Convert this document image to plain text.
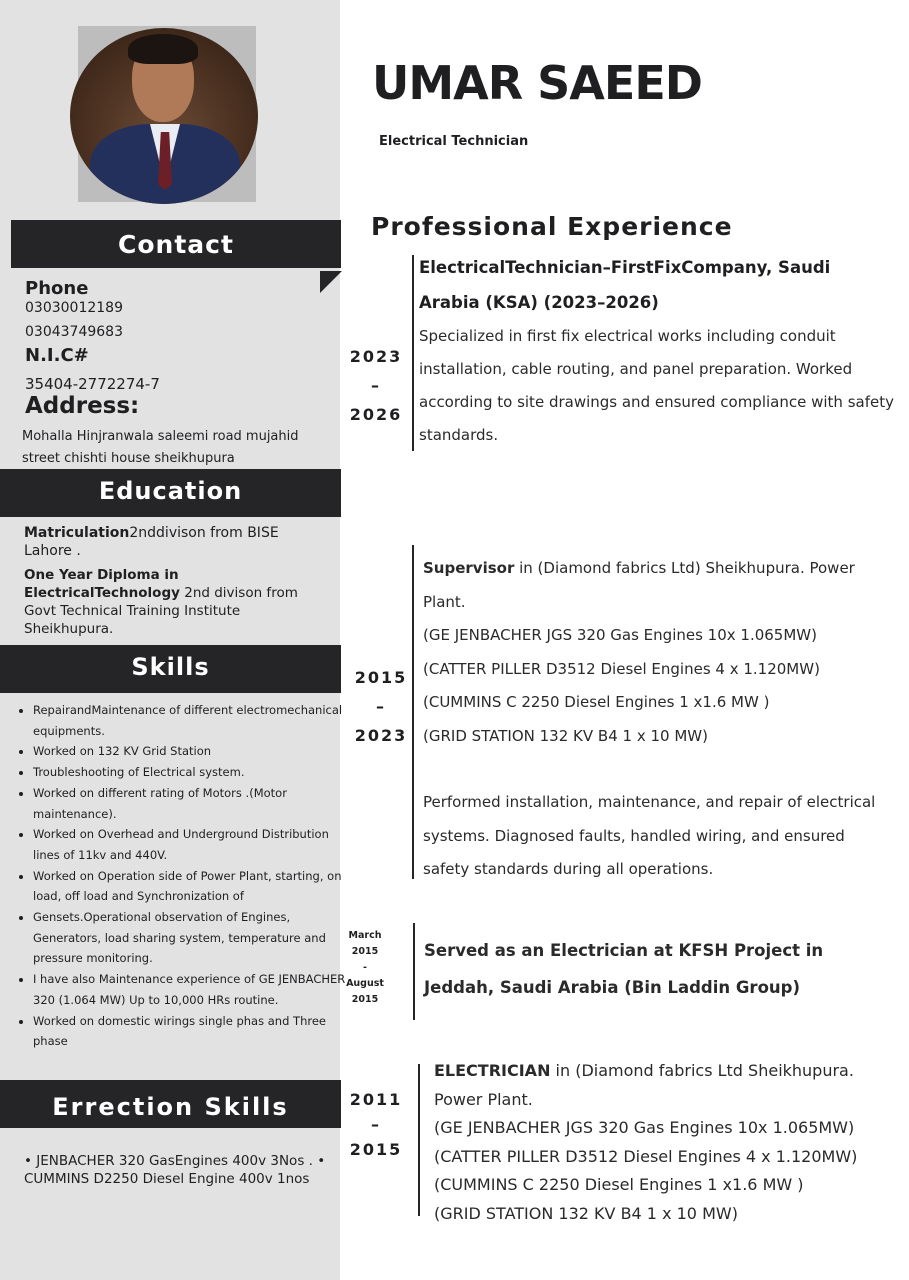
Contact
Phone
03030012189
03043749683
N.I.C#
35404-2772274-7
Address:
Mohalla Hinjranwala saleemi road mujahid street chishti house sheikhupura
Education
Matriculation2nddivison from BISE Lahore .
One Year Diploma in ElectricalTechnology 2nd divison from Govt Technical Training Institute Sheikhupura.
Skills
• RepairandMaintenance of different electromechanical equipments.
• Worked on 132 KV Grid Station
• Troubleshooting of Electrical system.
• Worked on different rating of Motors .(Motor maintenance).
• Worked on Overhead and Underground Distribution lines of 11kv and 440V.
• Worked on Operation side of Power Plant, starting, on load, off load and Synchronization of
• Gensets.Operational observation of Engines, Generators, load sharing system, temperature and pressure monitoring.
• I have also Maintenance experience of GE JENBACHER 320 (1.064 MW) Up to 10,000 HRs routine.
• Worked on domestic wirings single phas and Three phase
Errection Skills
• JENBACHER 320 GasEngines 400v 3Nos . • CUMMINS D2250 Diesel Engine 400v 1nos
UMAR SAEED
Electrical Technician
Professional Experience
2023
–
2026

ElectricalTechnician–FirstFixCompany, Saudi Arabia (KSA) (2023–2026)

Specialized in first fix electrical works including conduit installation, cable routing, and panel preparation. Worked according to site drawings and ensured compliance with safety standards.

2015
–
2023

Supervisor in (Diamond fabrics Ltd) Sheikhupura. Power Plant.

(GE JENBACHER JGS 320 Gas Engines 10x 1.065MW)

(CATTER PILLER D3512 Diesel Engines 4 x 1.120MW)

(CUMMINS C 2250 Diesel Engines 1 x1.6 MW )

(GRID STATION 132 KV B4 1 x 10 MW)

Performed installation, maintenance, and repair of electrical systems. Diagnosed faults, handled wiring, and ensured safety standards during all operations.

March
2015
-
August
2015

Served as an Electrician at KFSH Project in Jeddah, Saudi Arabia (Bin Laddin Group)

2011
–
2015

ELECTRICIAN in (Diamond fabrics Ltd Sheikhupura. Power Plant.

(GE JENBACHER JGS 320 Gas Engines 10x 1.065MW)

(CATTER PILLER D3512 Diesel Engines 4 x 1.120MW)

(CUMMINS C 2250 Diesel Engines 1 x1.6 MW )

(GRID STATION 132 KV B4 1 x 10 MW)
